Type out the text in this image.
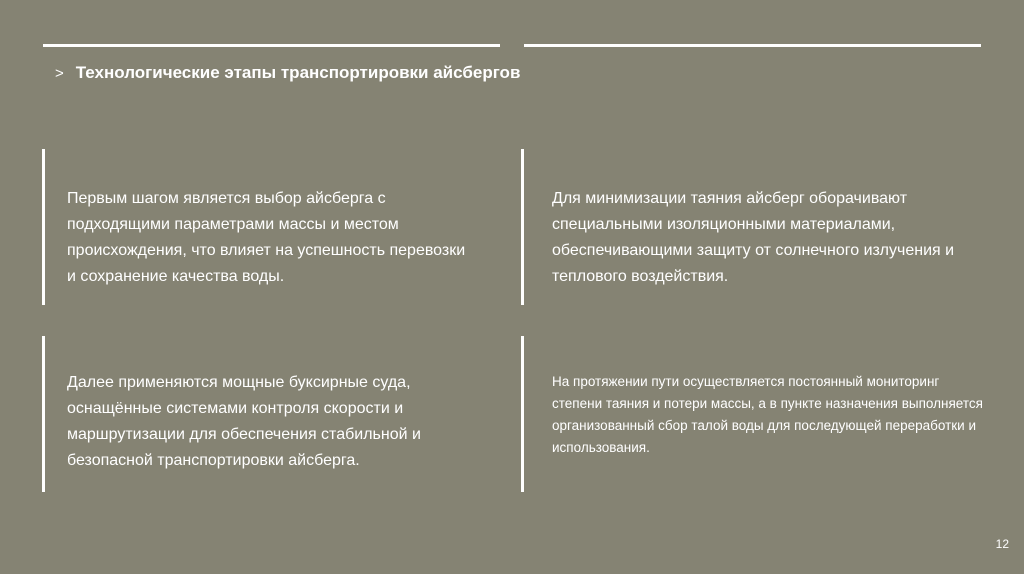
> Технологические этапы транспортировки айсбергов

Первым шагом является выбор айсберга с подходящими параметрами массы и местом происхождения, что влияет на успешность перевозки и сохранение качества воды.

Для минимизации таяния айсберг оборачивают специальными изоляционными материалами, обеспечивающими защиту от солнечного излучения и теплового воздействия.

Далее применяются мощные буксирные суда, оснащённые системами контроля скорости и маршрутизации для обеспечения стабильной и безопасной транспортировки айсберга.

На протяжении пути осуществляется постоянный мониторинг степени таяния и потери массы, а в пункте назначения выполняется организованный сбор талой воды для последующей переработки и использования.

12
